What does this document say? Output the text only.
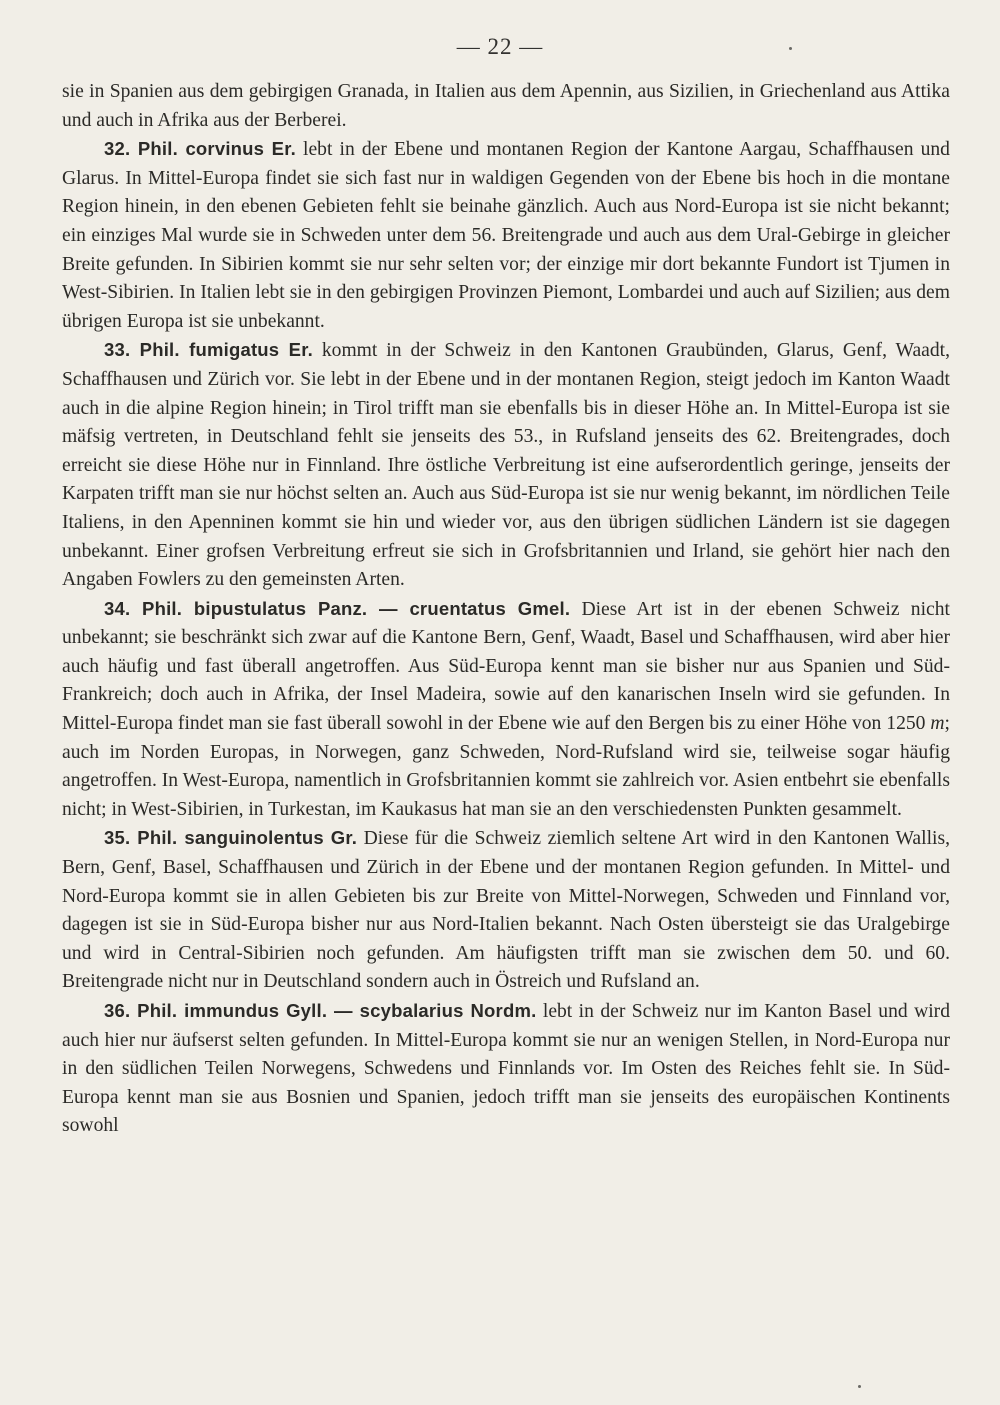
— 22 —

sie in Spanien aus dem gebirgigen Granada, in Italien aus dem Apennin, aus Sizilien, in Griechenland aus Attika und auch in Afrika aus der Berberei.

32. Phil. corvinus Er. lebt in der Ebene und montanen Region der Kantone Aargau, Schaffhausen und Glarus. In Mittel-Europa findet sie sich fast nur in waldigen Gegenden von der Ebene bis hoch in die montane Region hinein, in den ebenen Gebieten fehlt sie beinahe gänzlich. Auch aus Nord-Europa ist sie nicht bekannt; ein einziges Mal wurde sie in Schweden unter dem 56. Breitengrade und auch aus dem Ural-Gebirge in gleicher Breite gefunden. In Sibirien kommt sie nur sehr selten vor; der einzige mir dort bekannte Fundort ist Tjumen in West-Sibirien. In Italien lebt sie in den gebirgigen Provinzen Piemont, Lombardei und auch auf Sizilien; aus dem übrigen Europa ist sie unbekannt.

33. Phil. fumigatus Er. kommt in der Schweiz in den Kantonen Graubünden, Glarus, Genf, Waadt, Schaffhausen und Zürich vor. Sie lebt in der Ebene und in der montanen Region, steigt jedoch im Kanton Waadt auch in die alpine Region hinein; in Tirol trifft man sie ebenfalls bis in dieser Höhe an. In Mittel-Europa ist sie mäfsig vertreten, in Deutschland fehlt sie jenseits des 53., in Rufsland jenseits des 62. Breitengrades, doch erreicht sie diese Höhe nur in Finnland. Ihre östliche Verbreitung ist eine aufserordentlich geringe, jenseits der Karpaten trifft man sie nur höchst selten an. Auch aus Süd-Europa ist sie nur wenig bekannt, im nördlichen Teile Italiens, in den Apenninen kommt sie hin und wieder vor, aus den übrigen südlichen Ländern ist sie dagegen unbekannt. Einer grofsen Verbreitung erfreut sie sich in Grofsbritannien und Irland, sie gehört hier nach den Angaben Fowlers zu den gemeinsten Arten.

34. Phil. bipustulatus Panz. — cruentatus Gmel. Diese Art ist in der ebenen Schweiz nicht unbekannt; sie beschränkt sich zwar auf die Kantone Bern, Genf, Waadt, Basel und Schaffhausen, wird aber hier auch häufig und fast überall angetroffen. Aus Süd-Europa kennt man sie bisher nur aus Spanien und Süd-Frankreich; doch auch in Afrika, der Insel Madeira, sowie auf den kanarischen Inseln wird sie gefunden. In Mittel-Europa findet man sie fast überall sowohl in der Ebene wie auf den Bergen bis zu einer Höhe von 1250 m; auch im Norden Europas, in Norwegen, ganz Schweden, Nord-Rufsland wird sie, teilweise sogar häufig angetroffen. In West-Europa, namentlich in Grofsbritannien kommt sie zahlreich vor. Asien entbehrt sie ebenfalls nicht; in West-Sibirien, in Turkestan, im Kaukasus hat man sie an den verschiedensten Punkten gesammelt.

35. Phil. sanguinolentus Gr. Diese für die Schweiz ziemlich seltene Art wird in den Kantonen Wallis, Bern, Genf, Basel, Schaffhausen und Zürich in der Ebene und der montanen Region gefunden. In Mittel- und Nord-Europa kommt sie in allen Gebieten bis zur Breite von Mittel-Norwegen, Schweden und Finnland vor, dagegen ist sie in Süd-Europa bisher nur aus Nord-Italien bekannt. Nach Osten übersteigt sie das Uralgebirge und wird in Central-Sibirien noch gefunden. Am häufigsten trifft man sie zwischen dem 50. und 60. Breitengrade nicht nur in Deutschland sondern auch in Östreich und Rufsland an.

36. Phil. immundus Gyll. — scybalarius Nordm. lebt in der Schweiz nur im Kanton Basel und wird auch hier nur äufserst selten gefunden. In Mittel-Europa kommt sie nur an wenigen Stellen, in Nord-Europa nur in den südlichen Teilen Norwegens, Schwedens und Finnlands vor. Im Osten des Reiches fehlt sie. In Süd-Europa kennt man sie aus Bosnien und Spanien, jedoch trifft man sie jenseits des europäischen Kontinents sowohl
